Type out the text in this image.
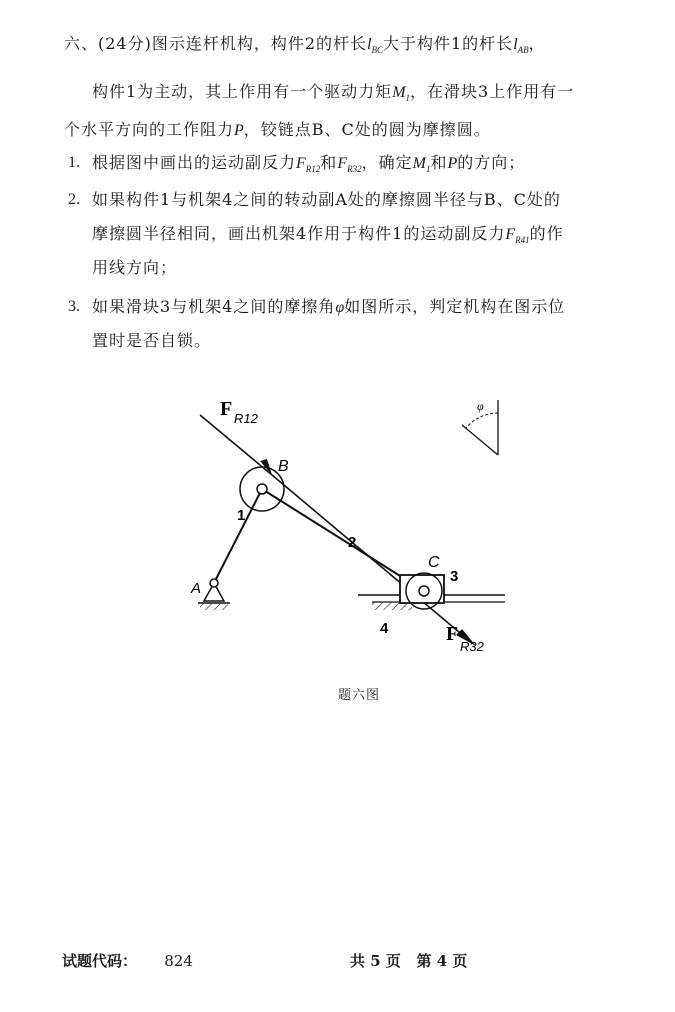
六、(24分)图示连杆机构，构件2的杆长$l_{BC}$大于构件1的杆长$l_{AB}$，
构件1为主动，其上作用有一个驱动力矩$M_1$，在滑块3上作用有一
个水平方向的工作阻力P，铰链点B、C处的圆为摩擦圆。
1. 根据图中画出的运动副反力$F_{R12}$和$F_{R32}$，确定$M_1$和P的方向；
2. 如果构件1与机架4之间的转动副A处的摩擦圆半径与B、C处的
摩擦圆半径相同，画出机架4作用于构件1的运动副反力$F_{R41}$的作
用线方向；
3. 如果滑块3与机架4之间的摩擦角φ如图所示，判定机构在图示位
置时是否自锁。
F R12
φ
B
1
2
C
3
A
4	F
R32
题六图
试题代码： 824	共 5 页   第 4 页
